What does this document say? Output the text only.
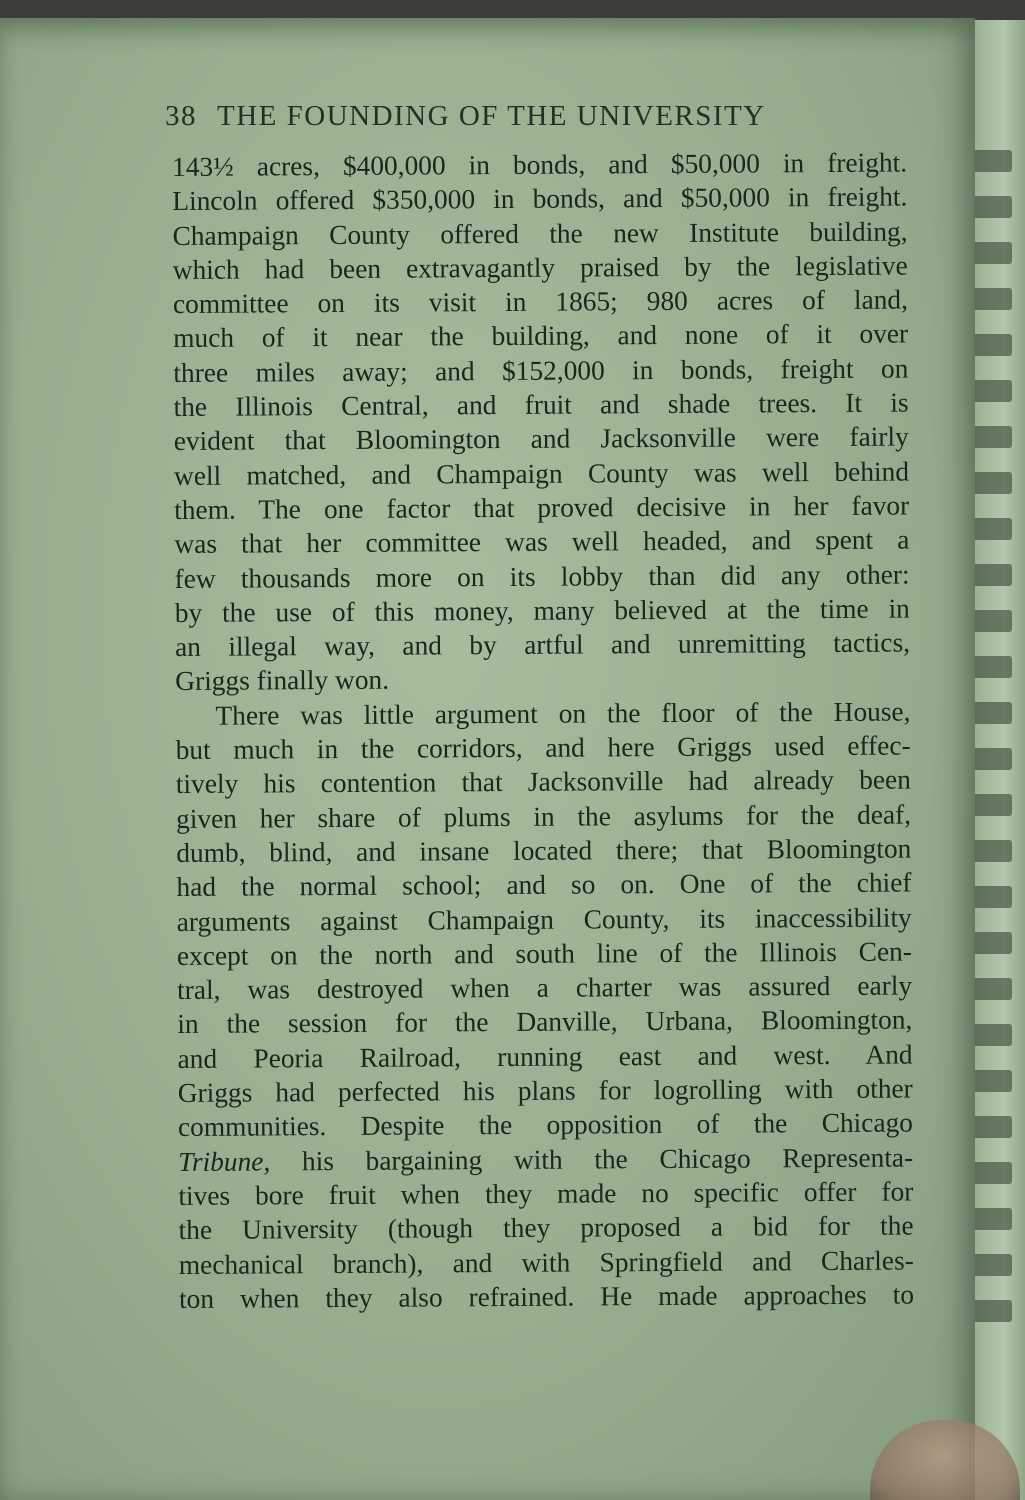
38 THE FOUNDING OF THE UNIVERSITY
143½ acres, $400,000 in bonds, and $50,000 in freight.
Lincoln offered $350,000 in bonds, and $50,000 in freight.
Champaign County offered the new Institute building,
which had been extravagantly praised by the legislative
committee on its visit in 1865; 980 acres of land,
much of it near the building, and none of it over
three miles away; and $152,000 in bonds, freight on
the Illinois Central, and fruit and shade trees. It is
evident that Bloomington and Jacksonville were fairly
well matched, and Champaign County was well behind
them. The one factor that proved decisive in her favor
was that her committee was well headed, and spent a
few thousands more on its lobby than did any other:
by the use of this money, many believed at the time in
an illegal way, and by artful and unremitting tactics,
Griggs finally won.
There was little argument on the floor of the House,
but much in the corridors, and here Griggs used effec-
tively his contention that Jacksonville had already been
given her share of plums in the asylums for the deaf,
dumb, blind, and insane located there; that Bloomington
had the normal school; and so on. One of the chief
arguments against Champaign County, its inaccessibility
except on the north and south line of the Illinois Cen-
tral, was destroyed when a charter was assured early
in the session for the Danville, Urbana, Bloomington,
and Peoria Railroad, running east and west. And
Griggs had perfected his plans for logrolling with other
communities. Despite the opposition of the Chicago
Tribune, his bargaining with the Chicago Representa-
tives bore fruit when they made no specific offer for
the University (though they proposed a bid for the
mechanical branch), and with Springfield and Charles-
ton when they also refrained. He made approaches to
